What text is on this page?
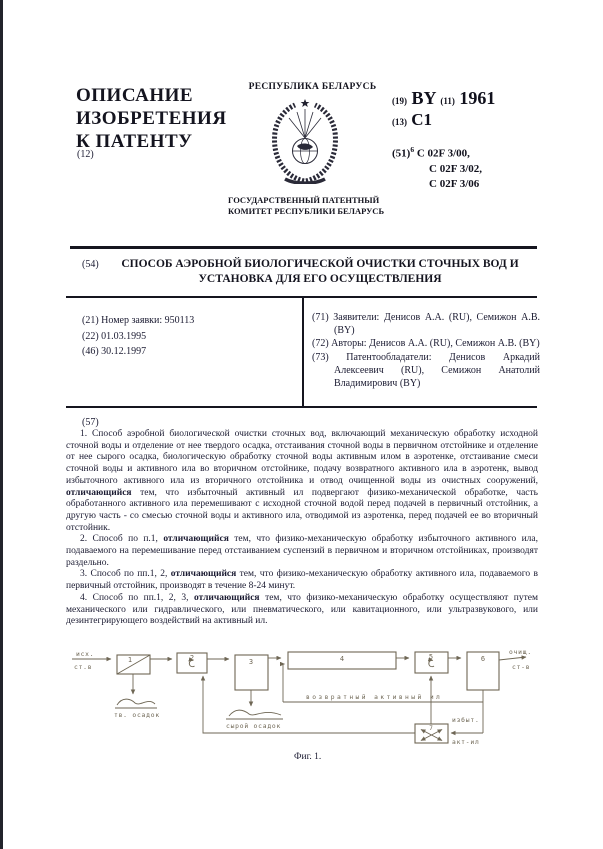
ОПИСАНИЕ
ИЗОБРЕТЕНИЯ
К ПАТЕНТУ
(12)
РЕСПУБЛИКА БЕЛАРУСЬ
ГОСУДАРСТВЕННЫЙ ПАТЕНТНЫЙ
КОМИТЕТ РЕСПУБЛИКИ БЕЛАРУСЬ
(19) BY (11) 1961
(13) C1
$(51)^6$ C 02F 3/00,
C 02F 3/02,
C 02F 3/06
(54)	СПОСОБ АЭРОБНОЙ БИОЛОГИЧЕСКОЙ ОЧИСТКИ СТОЧНЫХ ВОД И
УСТАНОВКА ДЛЯ ЕГО ОСУЩЕСТВЛЕНИЯ
(21) Номер заявки: 950113
(22) 01.03.1995
(46) 30.12.1997

(71) Заявители: Денисов А.А. (RU), Семижон А.В. (BY)

(72) Авторы: Денисов А.А. (RU), Семижон А.В. (BY)

(73) Патентообладатели: Денисов Аркадий Алексеевич (RU), Семижон Анатолий Владимирович (BY)

(57)

1. Способ аэробной биологической очистки сточных вод, включающий механическую обработку исходной сточной воды и отделение от нее твердого осадка, отстаивания сточной воды в первичном отстойнике и отделение от нее сырого осадка, биологическую обработку сточной воды активным илом в аэротенке, отстаивание смеси сточной воды и активного ила во вторичном отстойнике, подачу возвратного активного ила в аэротенк, вывод избыточного активного ила из вторичного отстойника и отвод очищенной воды из очистных сооружений, отличающийся тем, что избыточный активный ил подвергают физико-механической обработке, часть обработанного активного ила перемешивают с исходной сточной водой перед подачей в первичный отстойник, а другую часть - со смесью сточной воды и активного ила, отводимой из аэротенка, перед подачей ее во вторичный отстойник.

2. Способ по п.1, отличающийся тем, что физико-механическую обработку избыточного активного ила, подаваемого на перемешивание перед отстаиванием суспензий в первичном и вторичном отстойниках, производят раздельно.

3. Способ по пп.1, 2, отличающийся тем, что физико-механическую обработку активного ила, подаваемого в первичный отстойник, производят в течение 8-24 минут.

4. Способ по пп.1, 2, 3, отличающийся тем, что физико-механическую обработку осуществляют путем механического или гидравлического, или пневматического, или кавитационного, или ультразвукового, или дезинтегрирующего воздействий на активный ил.

исх.
ст.в
1	2	3	4	5	6
очищ.
ст-в
возвратный активный ил
избыт.
акт-ил
7
тв. осадок
сырой осадок
Фиг. 1.
